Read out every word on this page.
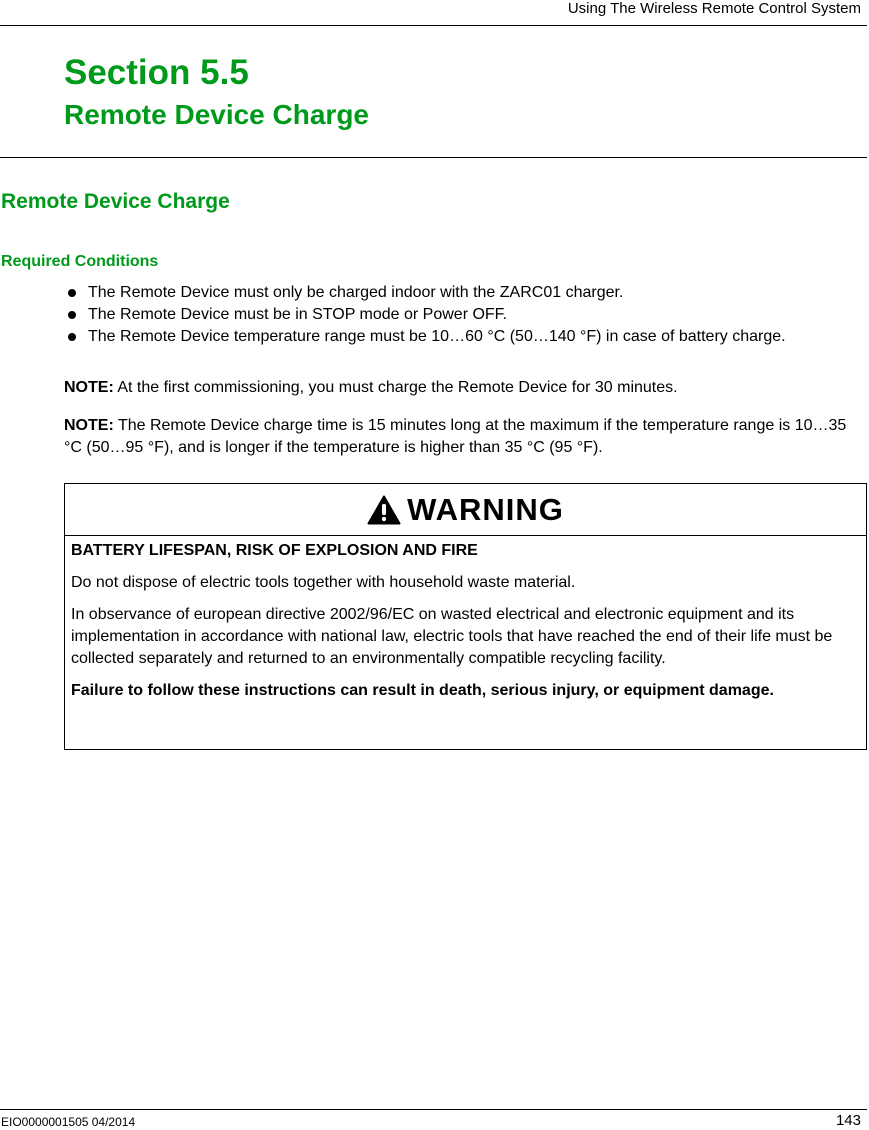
Using The Wireless Remote Control System
Section 5.5
Remote Device Charge
Remote Device Charge
Required Conditions
The Remote Device must only be charged indoor with the ZARC01 charger.
The Remote Device must be in STOP mode or Power OFF.
The Remote Device temperature range must be 10…60 °C (50…140 °F) in case of battery charge.

NOTE: At the first commissioning, you must charge the Remote Device for 30 minutes.

NOTE: The Remote Device charge time is 15 minutes long at the maximum if the temperature range is 10…35 °C (50…95 °F), and is longer if the temperature is higher than 35 °C (95 °F).

WARNING

BATTERY LIFESPAN, RISK OF EXPLOSION AND FIRE

Do not dispose of electric tools together with household waste material.

In observance of european directive 2002/96/EC on wasted electrical and electronic equipment and its implementation in accordance with national law, electric tools that have reached the end of their life must be collected separately and returned to an environmentally compatible recycling facility.

Failure to follow these instructions can result in death, serious injury, or equipment damage.

EIO0000001505 04/2014	143
